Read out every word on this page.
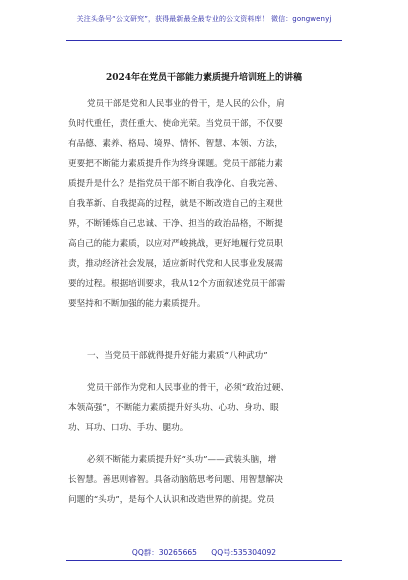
关注头条号“公文研究”，获得最新最全最专业的公文资料库！ 微信：gongwenyj
2024年在党员干部能力素质提升培训班上的讲稿
党员干部是党和人民事业的骨干，是人民的公仆，肩
负时代重任，责任重大、使命光荣。当党员干部，不仅要
有品德、素养、格局、境界、情怀、智慧、本领、方法，
更要把不断能力素质提升作为终身课题。党员干部能力素
质提升是什么？是指党员干部不断自我净化、自我完善、
自我革新、自我提高的过程，就是不断改造自己的主观世
界，不断锤炼自己忠诚、干净、担当的政治品格，不断提
高自己的能力素质，以应对严峻挑战，更好地履行党员职
责，推动经济社会发展，适应新时代党和人民事业发展需
要的过程。根据培训要求，我从12个方面叙述党员干部需
要坚持和不断加强的能力素质提升。
一、当党员干部就得提升好能力素质“八种武功”
党员干部作为党和人民事业的骨干，必须“政治过硬、
本领高强”，不断能力素质提升好头功、心功、身功、眼
功、耳功、口功、手功、腿功。
必须不断能力素质提升好“头功”——武装头脑，增
长智慧。善思则睿智。具备动脑筋思考问题、用智慧解决
问题的“头功”，是每个人认识和改造世界的前提。党员
QQ群：30265665 QQ号:535304092
